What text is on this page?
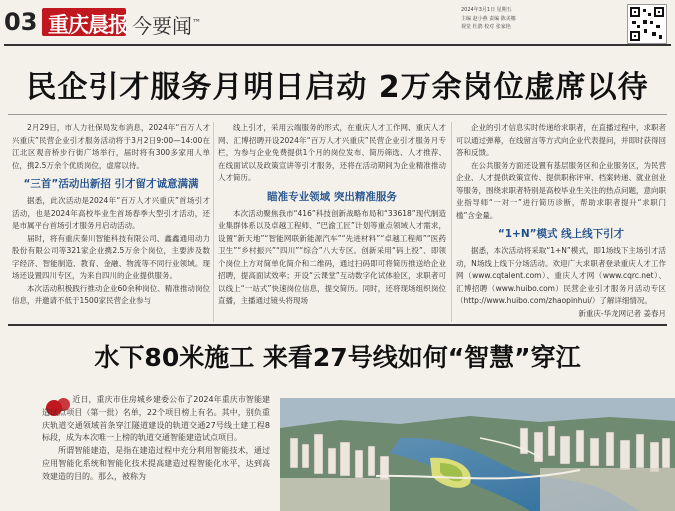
03 重庆晨报 今要闻™
2024年3月1日 星期五
主编 赵小燕 责编 陈美娜
视觉 杜鹃 校对 张家艳
民企引才服务月明日启动 2万余岗位虚席以待

2月29日，市人力社保局发布消息，2024年“百万人才兴重庆”民营企业引才服务活动将于3月2日9:00—14:00在江北区观音桥步行街广场举行，届时将有300多家用人单位，携2.5万余个优质岗位，虚席以待。

“三首”活动出新招 引才留才诚意满满

据悉，此次活动是2024年“百万人才兴重庆”首场引才活动，也是2024年高校毕业生首场春季大型引才活动，还是市属平台首场引才服务月启动活动。

届时，将有重庆秦川智能科技有限公司、鑫鑫通用动力股份有限公司等321家企业携2.5万余个岗位，主要涉及数字经济、智能制造、教育、金融、物流等不同行业领域。现场还设置四川专区，为来自四川的企业提供服务。

本次活动积极践行推动企业60余种岗位、精准推动岗位信息，并邀请不低于1500家民营企业参与

线上引才，采用云端服务的形式，在重庆人才工作网、重庆人才网、汇博招聘开设2024年“百万人才兴重庆”民营企业引才服务月专栏，为参与企业免费提供1个月的岗位发布、简历筛选、人才推荐、在线面试以及政策宣讲等引才服务，还将在活动期间为企业精准推动人才简历。

瞄准专业领域 突出精准服务

本次活动聚焦我市“416”科技创新战略布局和“33618”现代制造业集群体系以及卓越工程师、“巴渝工匠”计划等重点领域人才需求，设置“新天地”“智能网联新能源汽车”“先进材料”“卓越工程师”“医药卫生”“乡村振兴”“四川”“综合”八大专区。创新采用“码上投”、即领个岗位上方对简单化简介和二维码，通过扫码即可将简历推送给企业招聘，提高面试效率；开设“云课堂”互动数字化试体验区，求职者可以线上“一站式”快速岗位信息，提交简历。同时，还将现场组织岗位直播，主播通过镜头将现场

企业的引才信息实时传递给求职者，在直播过程中，求职者可以通过弹幕，在线留言等方式向企业代表提问，并即时获得回答和反馈。

在公共服务方面还设置有基层服务区和企业服务区，为民营企业、人才提供政策宣传、提供职称评审、档案转递、就业创业等服务，围绕求职者特别是高校毕业生关注的热点问题，意向职业指导师“一对一”进行简历诊断，帮助求职者提升“求职门槛”含金量。

“1+N”模式 线上线下引才

据悉，本次活动将采取“1+N”模式，即1场线下主场引才活动，N场线上线下分场活动。欢迎广大求职者登录重庆人才工作网（www.cqtalent.com）、重庆人才网（www.cqrc.net）、汇博招聘（www.huibo.com）民营企业引才服务月活动专区（http://www.huibo.com/zhaopinhui/）了解详细情况。

新重庆-华龙网记者 姜春月

水下80米施工 来看27号线如何“智慧”穿江

近日，重庆市住房城乡建委公布了2024年重庆市智能建造试点项目（第一批）名单，22个项目榜上有名。其中，别负重庆轨道交通领域首条穿江隧道建设的轨道交通27号线土建工程8标段，成为本次唯一上榜的轨道交通智能建造试点项目。

所谓智能建造，是指在建造过程中充分利用智能技术，通过应用智能化系统和智能化技术提高建造过程智能化水平，达到高效建造的目的。那么，被称为
